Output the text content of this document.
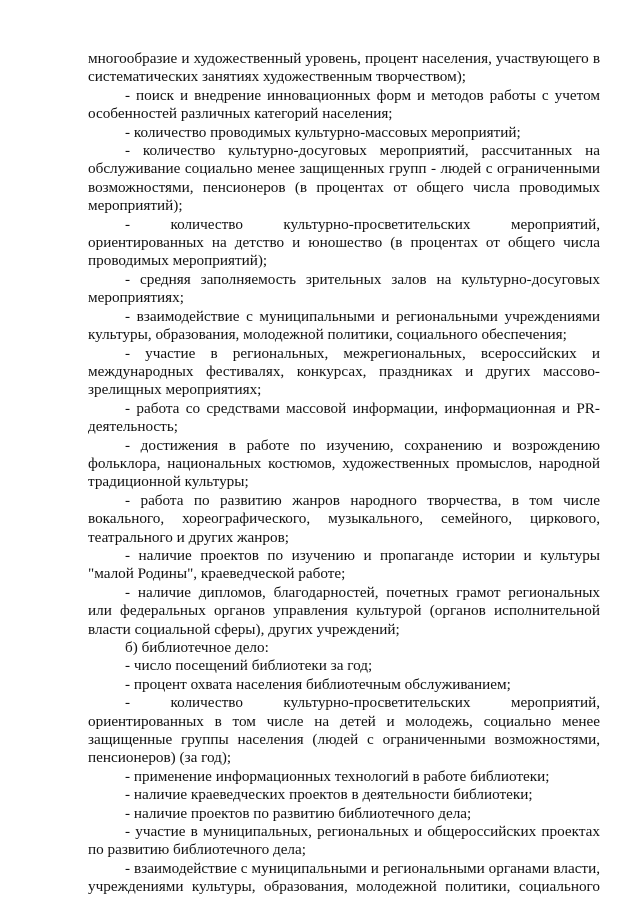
многообразие и художественный уровень, процент населения, участвующего в систематических занятиях художественным творчеством);

- поиск и внедрение инновационных форм и методов работы с учетом особенностей различных категорий населения;

- количество проводимых культурно-массовых мероприятий;

- количество культурно-досуговых мероприятий, рассчитанных на обслуживание социально менее защищенных групп - людей с ограниченными возможностями, пенсионеров (в процентах от общего числа проводимых мероприятий);

- количество культурно-просветительских мероприятий, ориентированных на детство и юношество (в процентах от общего числа проводимых мероприятий);

- средняя заполняемость зрительных залов на культурно-досуговых мероприятиях;

- взаимодействие с муниципальными и региональными учреждениями культуры, образования, молодежной политики, социального обеспечения;

- участие в региональных, межрегиональных, всероссийских и международных фестивалях, конкурсах, праздниках и других массово-зрелищных мероприятиях;

- работа со средствами массовой информации, информационная и PR-деятельность;

- достижения в работе по изучению, сохранению и возрождению фольклора, национальных костюмов, художественных промыслов, народной традиционной культуры;

- работа по развитию жанров народного творчества, в том числе вокального, хореографического, музыкального, семейного, циркового, театрального и других жанров;

- наличие проектов по изучению и пропаганде истории и культуры "малой Родины", краеведческой работе;

- наличие дипломов, благодарностей, почетных грамот региональных или федеральных органов управления культурой (органов исполнительной власти социальной сферы), других учреждений;

б) библиотечное дело:

- число посещений библиотеки за год;

- процент охвата населения библиотечным обслуживанием;

- количество культурно-просветительских мероприятий, ориентированных в том числе на детей и молодежь, социально менее защищенные группы населения (людей с ограниченными возможностями, пенсионеров) (за год);

- применение информационных технологий в работе библиотеки;

- наличие краеведческих проектов в деятельности библиотеки;

- наличие проектов по развитию библиотечного дела;

- участие в муниципальных, региональных и общероссийских проектах по развитию библиотечного дела;

- взаимодействие с муниципальными и региональными органами власти, учреждениями культуры, образования, молодежной политики, социального
